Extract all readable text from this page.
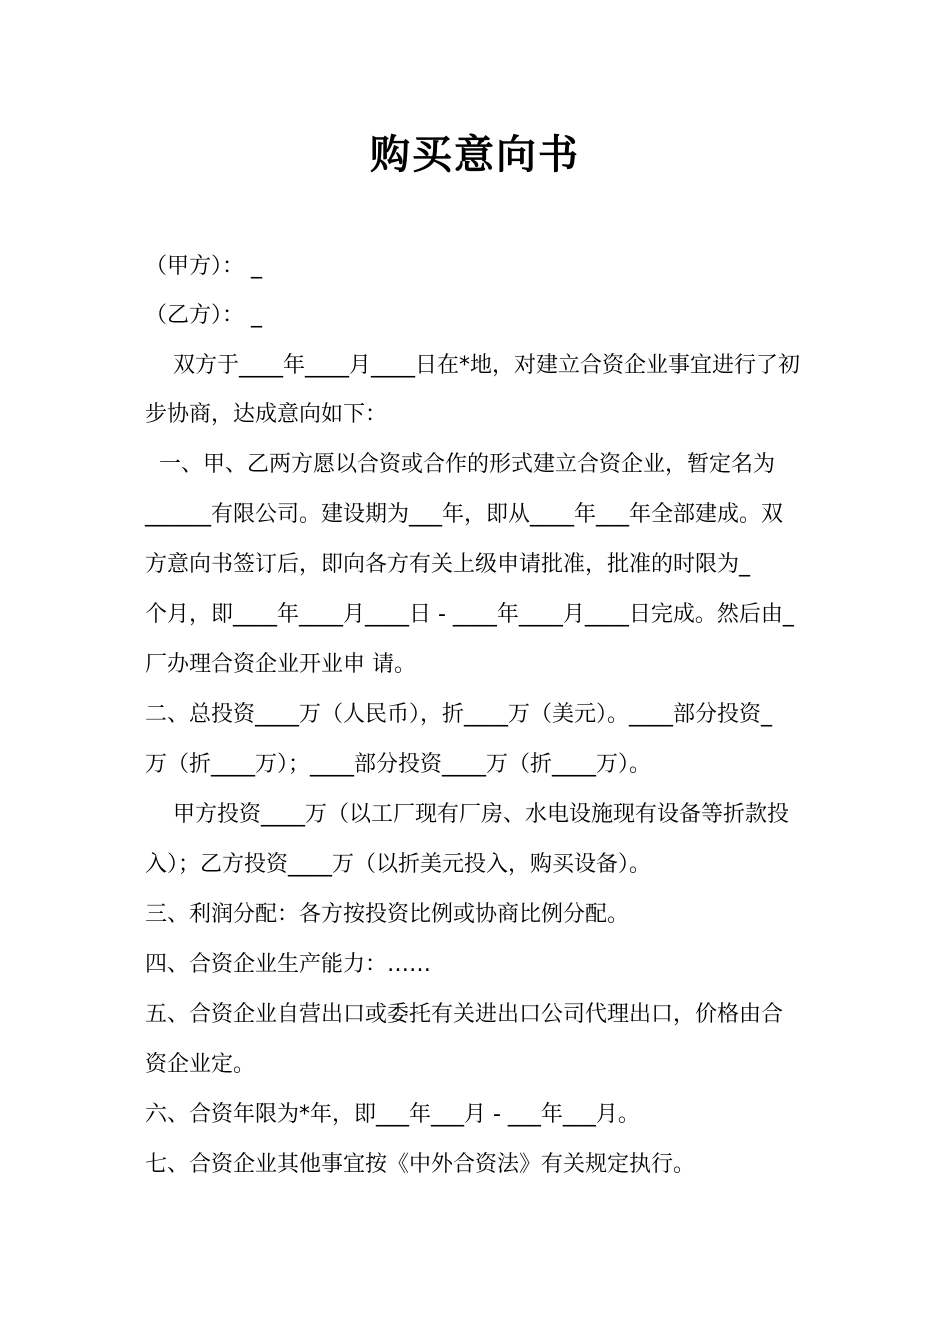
购买意向书
（甲方）： _
（乙方）： _
双方于____年____月____日在*地，对建立合资企业事宜进行了初
步协商，达成意向如下：
一、甲、乙两方愿以合资或合作的形式建立合资企业，暂定名为
______有限公司。建设期为___年，即从____年___年全部建成。双
方意向书签订后，即向各方有关上级申请批准，批准的时限为_
个月，即____年____月____日 - ____年____月____日完成。然后由_
厂办理合资企业开业申 请。
二、总投资____万（人民币），折____万（美元）。____部分投资_
万（折____万）；____部分投资____万（折____万）。
甲方投资____万（以工厂现有厂房、水电设施现有设备等折款投
入）；乙方投资____万（以折美元投入，购买设备）。
三、利润分配：各方按投资比例或协商比例分配。
四、合资企业生产能力：……
五、合资企业自营出口或委托有关进出口公司代理出口，价格由合
资企业定。
六、合资年限为*年，即___年___月 - ___年___月。
七、合资企业其他事宜按《中外合资法》有关规定执行。
